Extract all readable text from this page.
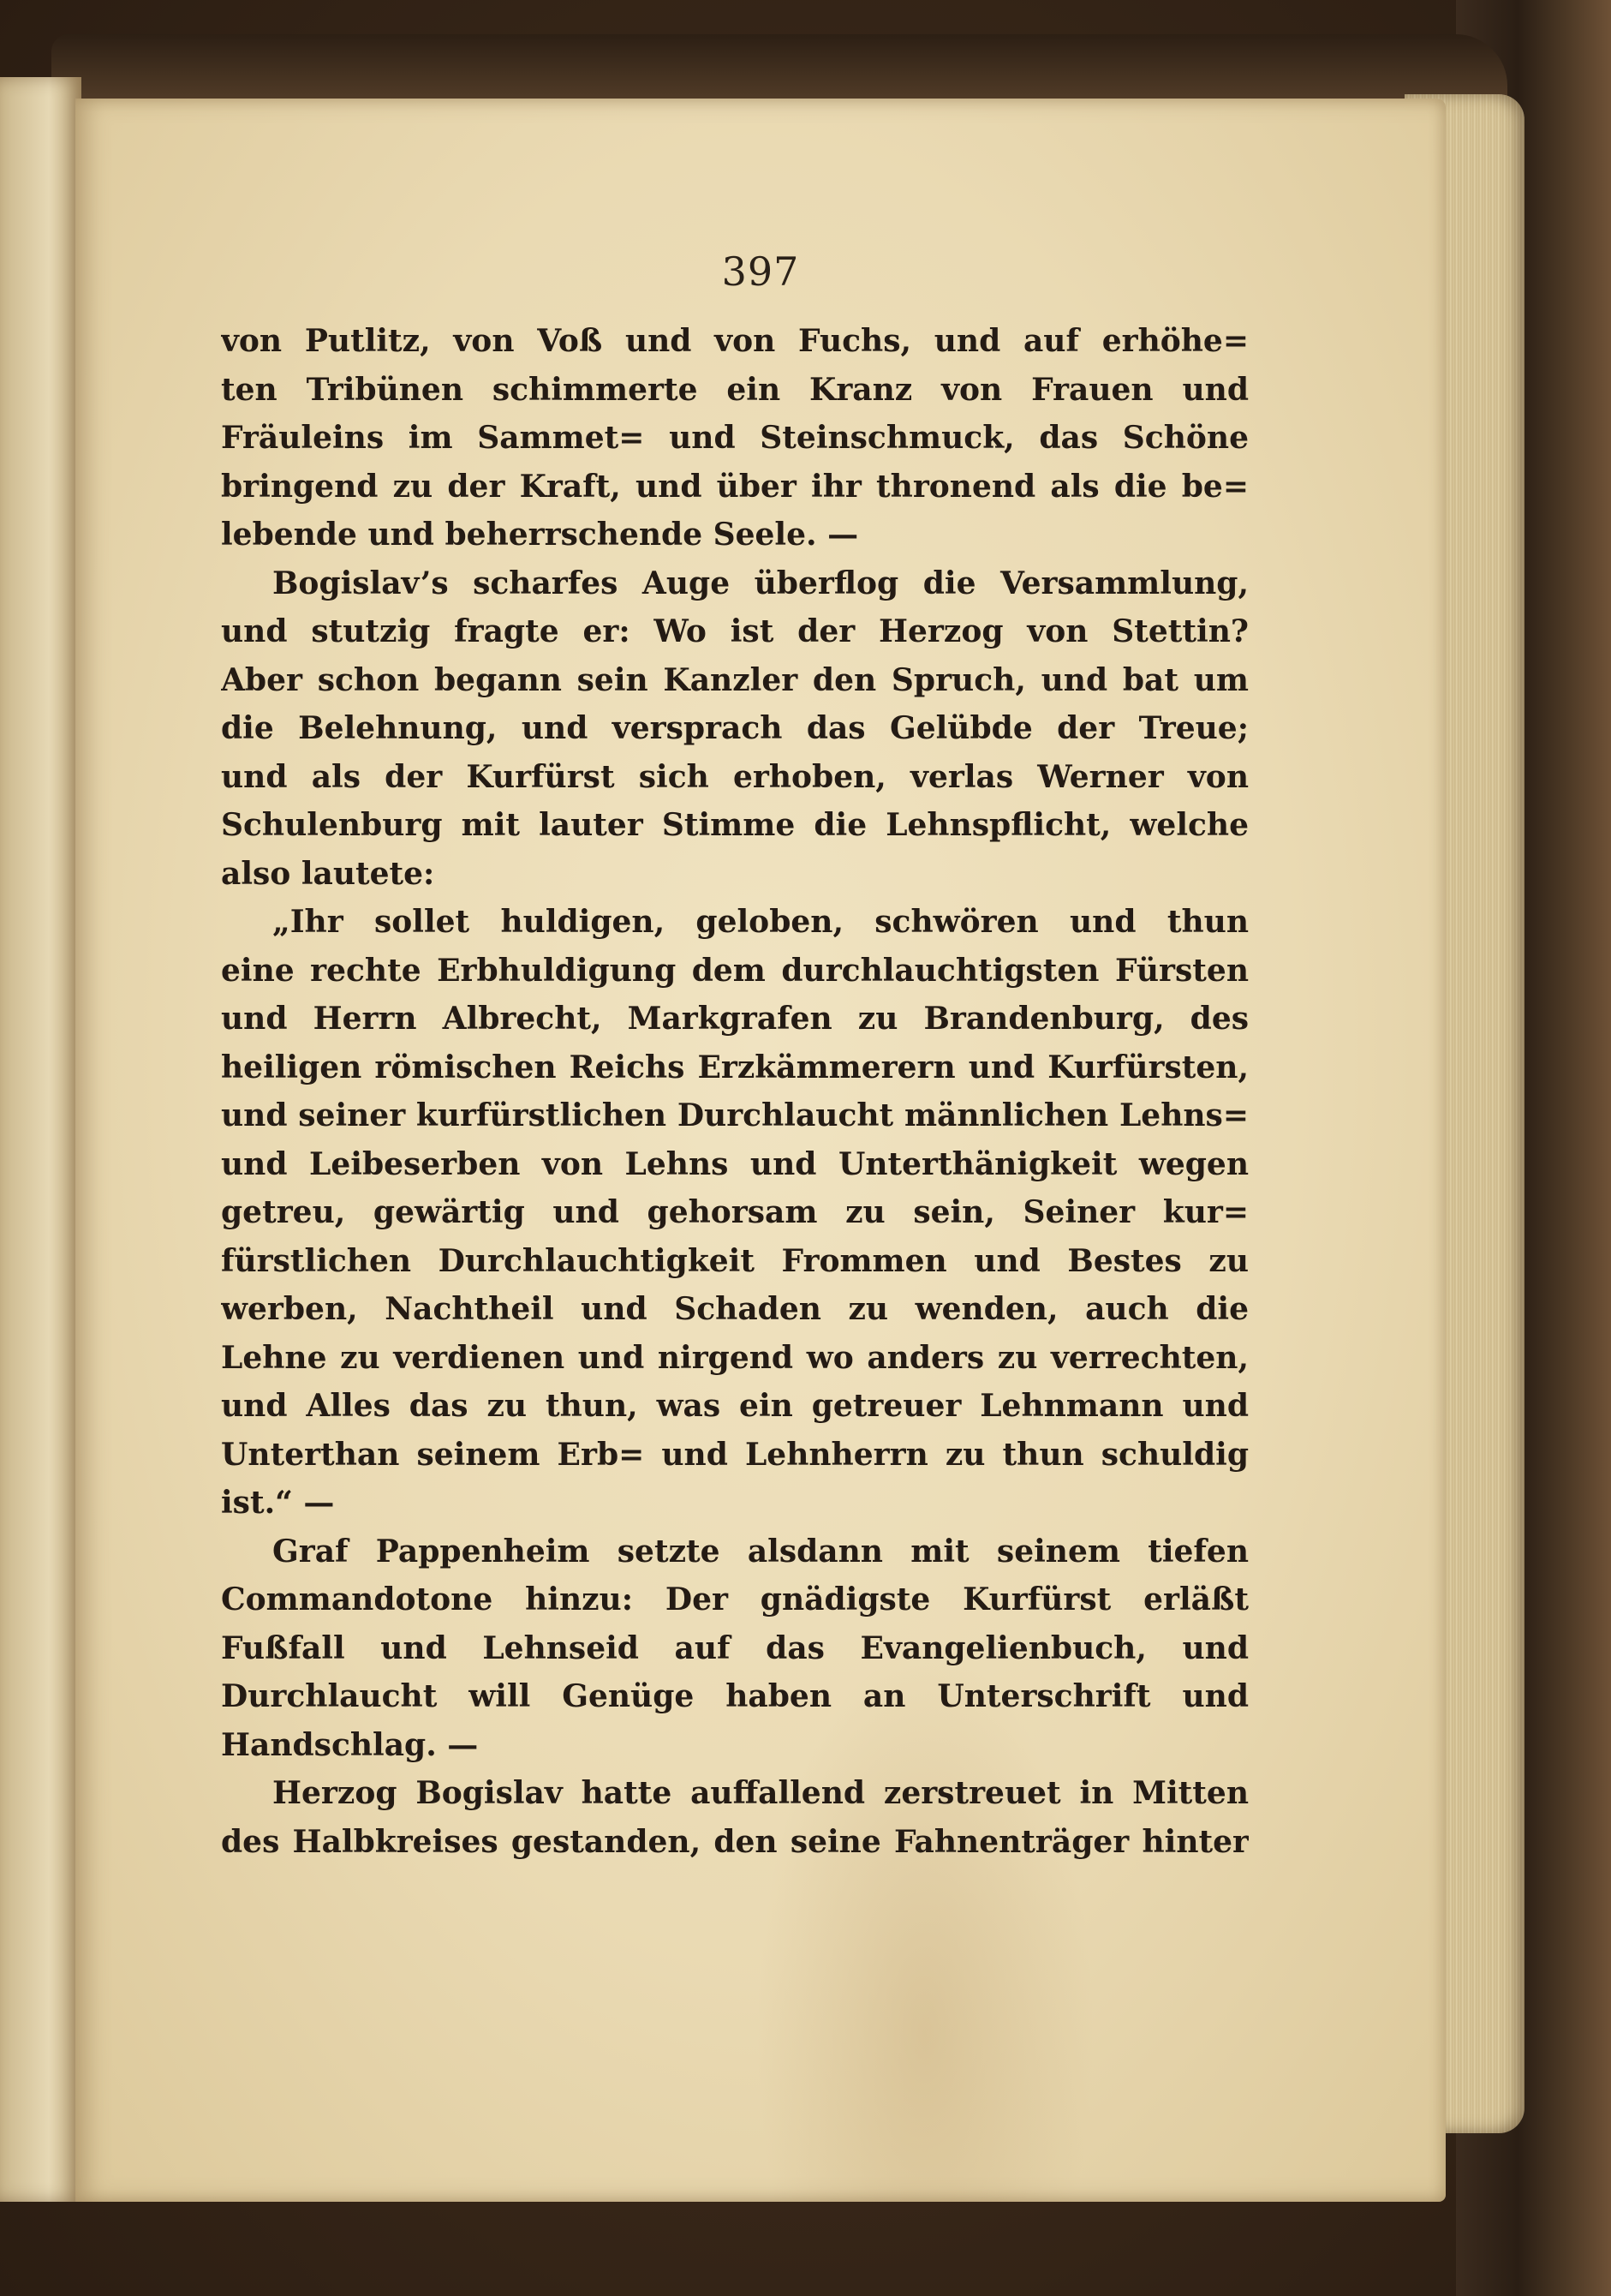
397
von Putlitz, von Voß und von Fuchs, und auf erhöhe=
ten Tribünen schimmerte ein Kranz von Frauen und
Fräuleins im Sammet= und Steinschmuck, das Schöne
bringend zu der Kraft, und über ihr thronend als die be=
lebende und beherrschende Seele. —
Bogislav’s scharfes Auge überflog die Versammlung,
und stutzig fragte er: Wo ist der Herzog von Stettin?
Aber schon begann sein Kanzler den Spruch, und bat um
die Belehnung, und versprach das Gelübde der Treue;
und als der Kurfürst sich erhoben, verlas Werner von
Schulenburg mit lauter Stimme die Lehnspflicht, welche
also lautete:
„Ihr sollet huldigen, geloben, schwören und thun
eine rechte Erbhuldigung dem durchlauchtigsten Fürsten
und Herrn Albrecht, Markgrafen zu Brandenburg, des
heiligen römischen Reichs Erzkämmerern und Kurfürsten,
und seiner kurfürstlichen Durchlaucht männlichen Lehns=
und Leibeserben von Lehns und Unterthänigkeit wegen
getreu, gewärtig und gehorsam zu sein, Seiner kur=
fürstlichen Durchlauchtigkeit Frommen und Bestes zu
werben, Nachtheil und Schaden zu wenden, auch die
Lehne zu verdienen und nirgend wo anders zu verrechten,
und Alles das zu thun, was ein getreuer Lehnmann und
Unterthan seinem Erb= und Lehnherrn zu thun schuldig
ist.“ —
Graf Pappenheim setzte alsdann mit seinem tiefen
Commandotone hinzu: Der gnädigste Kurfürst erläßt
Fußfall und Lehnseid auf das Evangelienbuch, und
Durchlaucht will Genüge haben an Unterschrift und
Handschlag. —
Herzog Bogislav hatte auffallend zerstreuet in Mitten
des Halbkreises gestanden, den seine Fahnenträger hinter
